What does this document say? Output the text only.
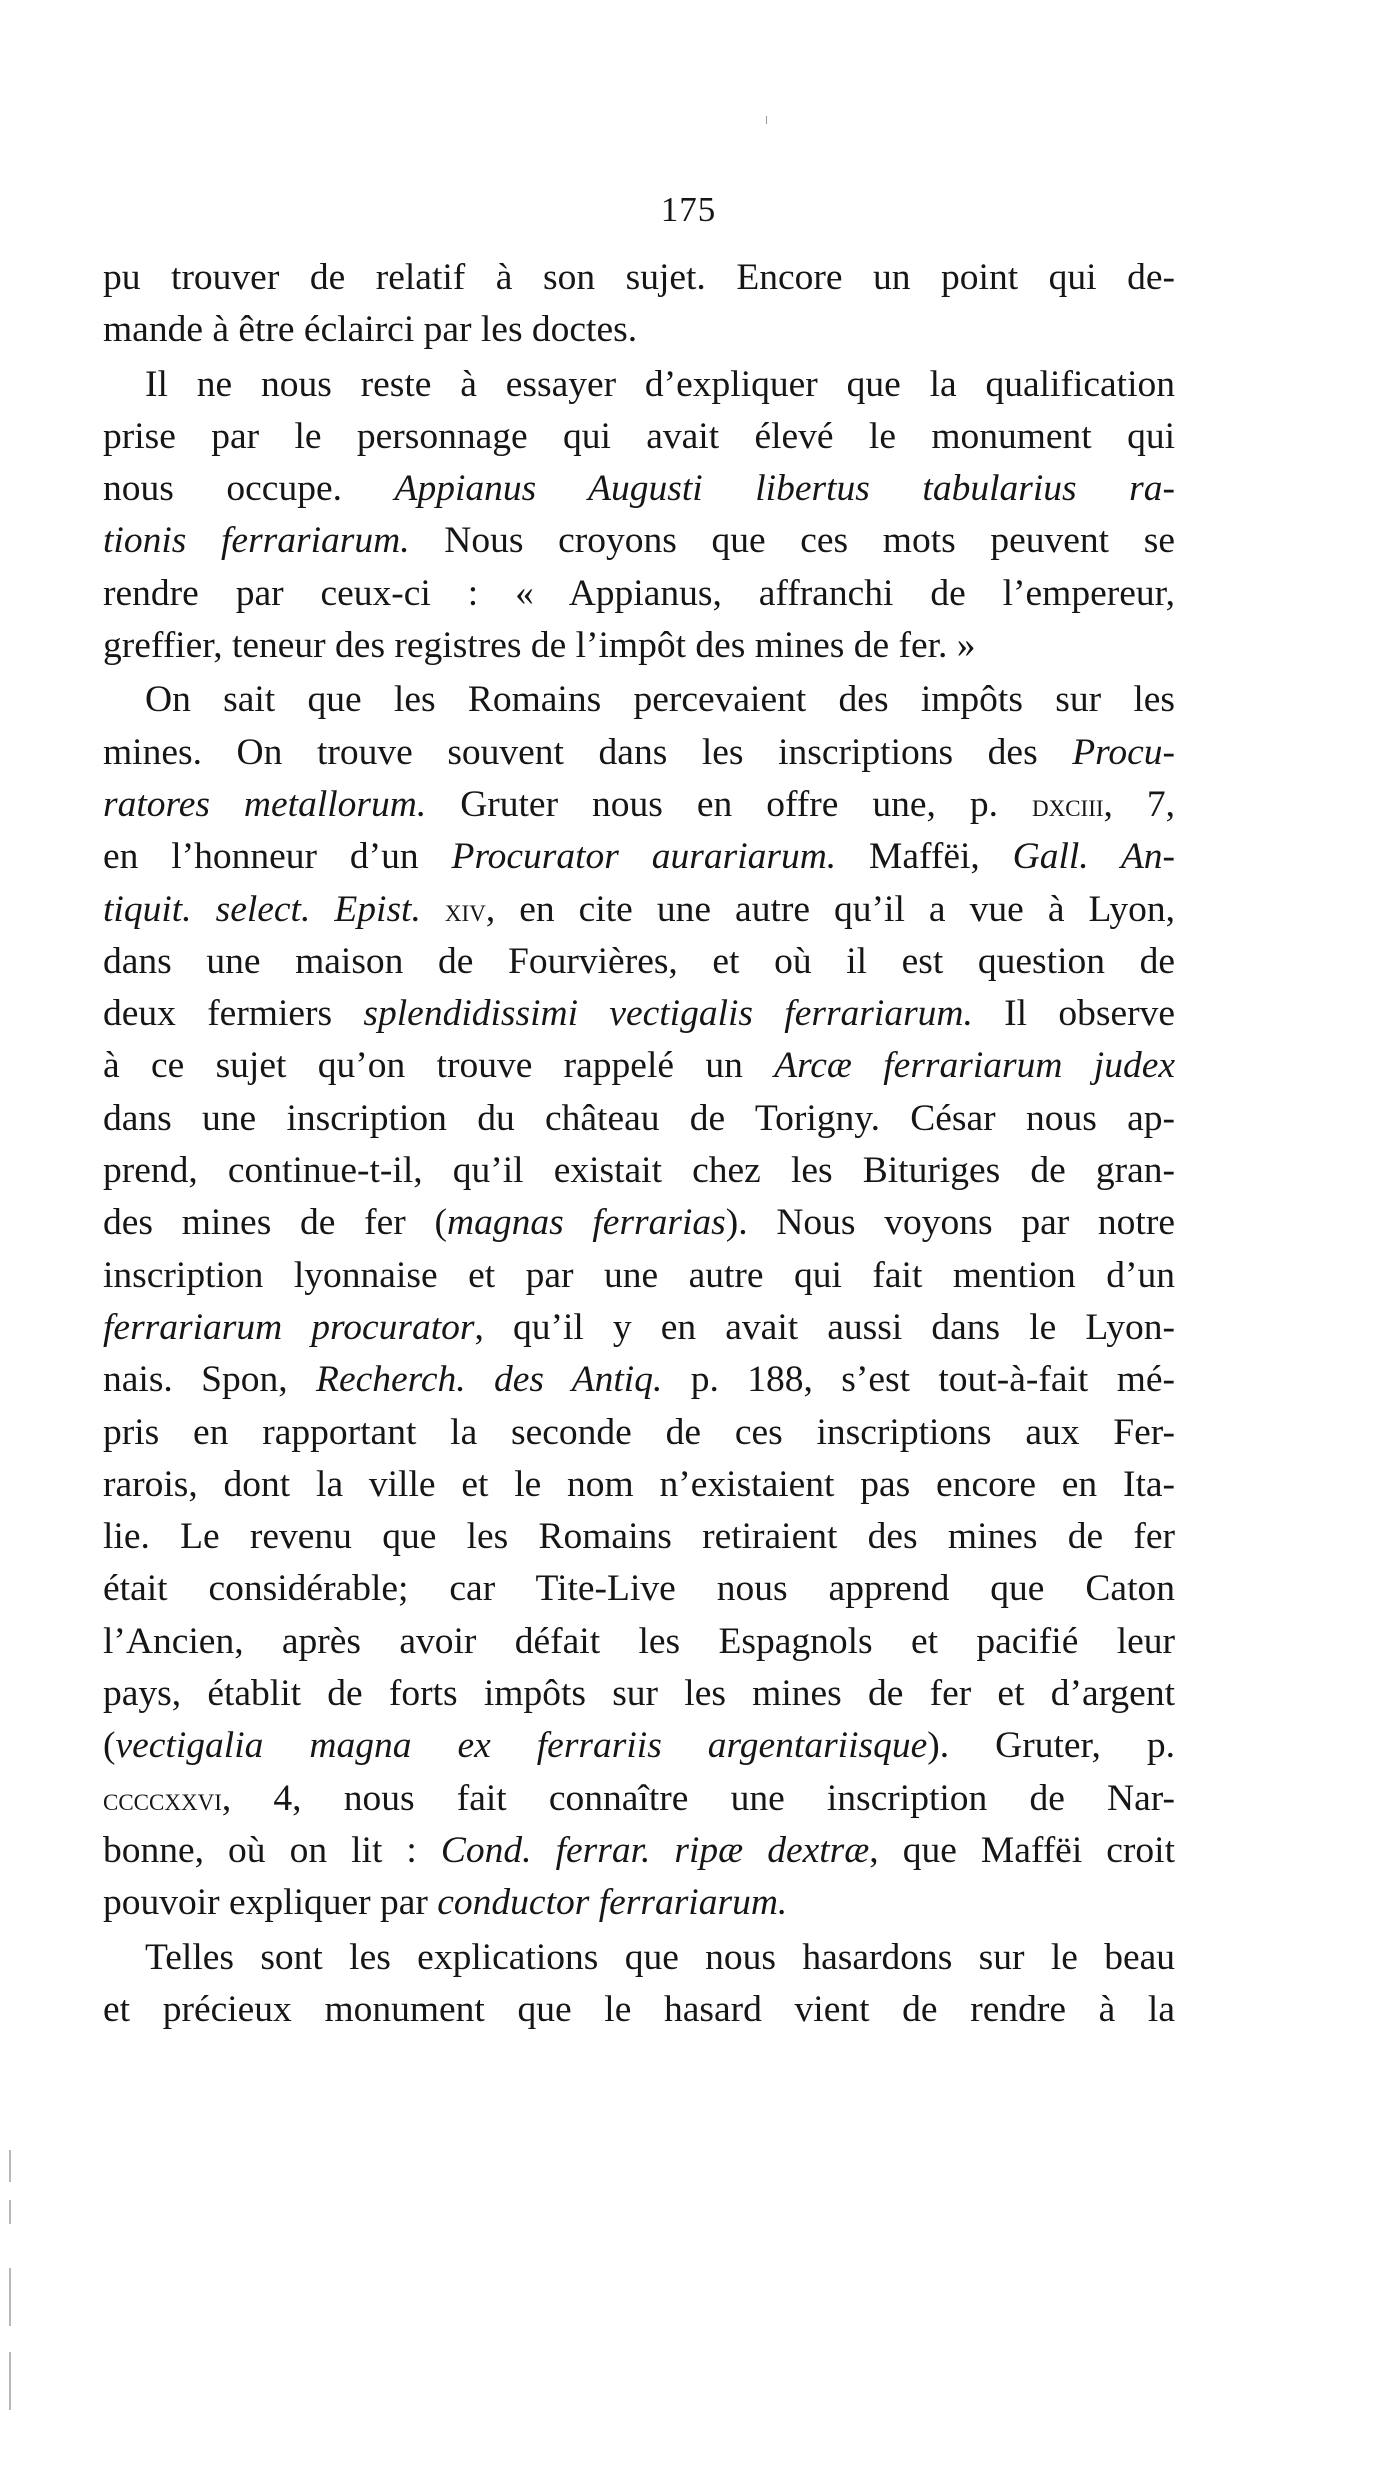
175
pu trouver de relatif à son sujet. Encore un point qui de-
mande à être éclairci par les doctes.
Il ne nous reste à essayer d’expliquer que la qualification
prise par le personnage qui avait élevé le monument qui
nous occupe. Appianus Augusti libertus tabularius ra-
tionis ferrariarum. Nous croyons que ces mots peuvent se
rendre par ceux-ci : « Appianus, affranchi de l’empereur,
greffier, teneur des registres de l’impôt des mines de fer. »
On sait que les Romains percevaient des impôts sur les
mines. On trouve souvent dans les inscriptions des Procu-
ratores metallorum. Gruter nous en offre une, p. dxciii, 7,
en l’honneur d’un Procurator aurariarum. Maffëi, Gall. An-
tiquit. select. Epist. xiv, en cite une autre qu’il a vue à Lyon,
dans une maison de Fourvières, et où il est question de
deux fermiers splendidissimi vectigalis ferrariarum. Il observe
à ce sujet qu’on trouve rappelé un Arcæ ferrariarum judex
dans une inscription du château de Torigny. César nous ap-
prend, continue-t-il, qu’il existait chez les Bituriges de gran-
des mines de fer (magnas ferrarias). Nous voyons par notre
inscription lyonnaise et par une autre qui fait mention d’un
ferrariarum procurator, qu’il y en avait aussi dans le Lyon-
nais. Spon, Recherch. des Antiq. p. 188, s’est tout-à-fait mé-
pris en rapportant la seconde de ces inscriptions aux Fer-
rarois, dont la ville et le nom n’existaient pas encore en Ita-
lie. Le revenu que les Romains retiraient des mines de fer
était considérable; car Tite-Live nous apprend que Caton
l’Ancien, après avoir défait les Espagnols et pacifié leur
pays, établit de forts impôts sur les mines de fer et d’argent
(vectigalia magna ex ferrariis argentariisque). Gruter, p.
ccccxxvi, 4, nous fait connaître une inscription de Nar-
bonne, où on lit : Cond. ferrar. ripæ dextræ, que Maffëi croit
pouvoir expliquer par conductor ferrariarum.
Telles sont les explications que nous hasardons sur le beau
et précieux monument que le hasard vient de rendre à la
